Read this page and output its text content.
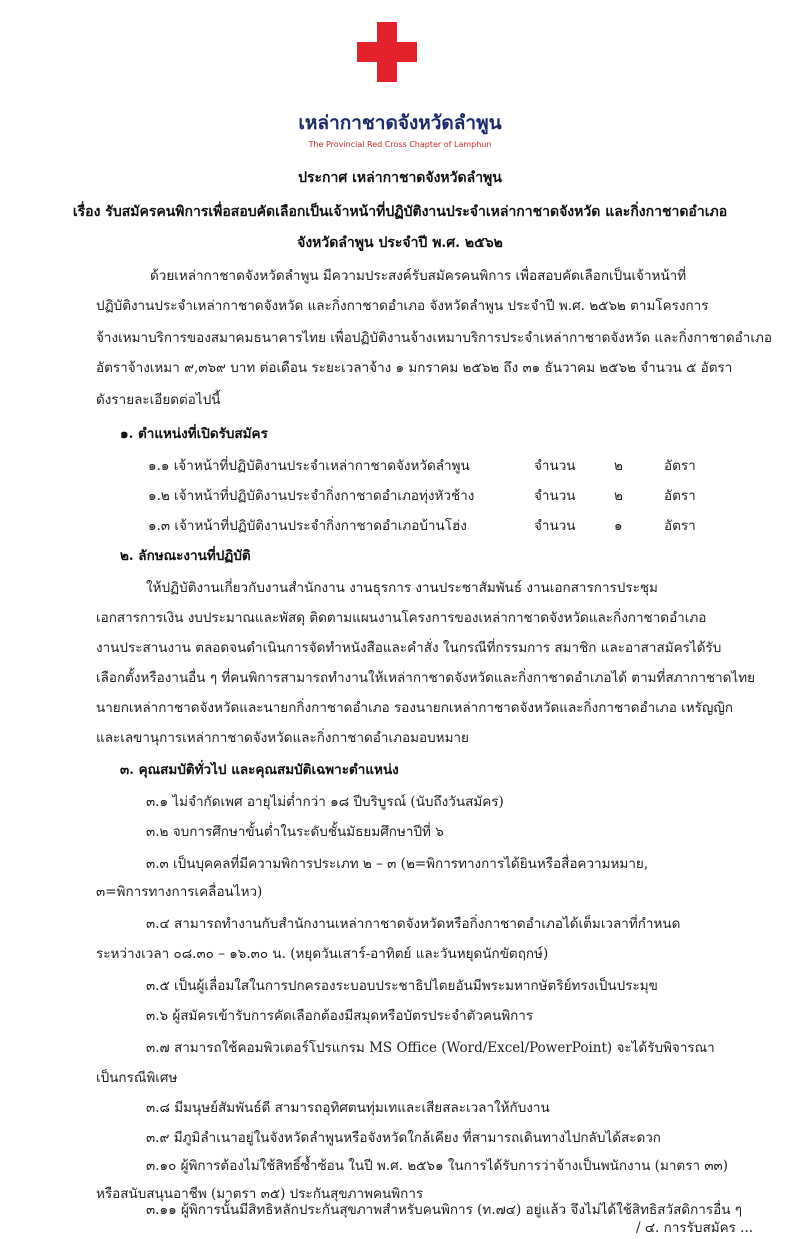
เหล่ากาชาดจังหวัดลำพูน
The Provincial Red Cross Chapter of Lamphun
ประกาศ เหล่ากาชาดจังหวัดลำพูน
เรื่อง รับสมัครคนพิการเพื่อสอบคัดเลือกเป็นเจ้าหน้าที่ปฏิบัติงานประจำเหล่ากาชาดจังหวัด และกิ่งกาชาดอำเภอ
จังหวัดลำพูน ประจำปี พ.ศ. ๒๕๖๒
ด้วยเหล่ากาชาดจังหวัดลำพูน มีความประสงค์รับสมัครคนพิการ เพื่อสอบคัดเลือกเป็นเจ้าหน้าที่
ปฏิบัติงานประจำเหล่ากาชาดจังหวัด และกิ่งกาชาดอำเภอ จังหวัดลำพูน ประจำปี พ.ศ. ๒๕๖๒ ตามโครงการ
จ้างเหมาบริการของสมาคมธนาคารไทย เพื่อปฏิบัติงานจ้างเหมาบริการประจำเหล่ากาชาดจังหวัด และกิ่งกาชาดอำเภอ
อัตราจ้างเหมา ๙,๓๖๙ บาท ต่อเดือน ระยะเวลาจ้าง ๑ มกราคม ๒๕๖๒ ถึง ๓๑ ธันวาคม ๒๕๖๒ จำนวน ๕ อัตรา
ดังรายละเอียดต่อไปนี้
๑. ตำแหน่งที่เปิดรับสมัคร
๑.๑ เจ้าหน้าที่ปฏิบัติงานประจำเหล่ากาชาดจังหวัดลำพูน	จำนวน	๒	อัตรา
๑.๒ เจ้าหน้าที่ปฏิบัติงานประจำกิ่งกาชาดอำเภอทุ่งหัวช้าง	จำนวน	๒	อัตรา
๑.๓ เจ้าหน้าที่ปฏิบัติงานประจำกิ่งกาชาดอำเภอบ้านโฮ่ง	จำนวน	๑	อัตรา
๒. ลักษณะงานที่ปฏิบัติ
ให้ปฏิบัติงานเกี่ยวกับงานสำนักงาน งานธุรการ งานประชาสัมพันธ์ งานเอกสารการประชุม
เอกสารการเงิน งบประมาณและพัสดุ ติดตามแผนงานโครงการของเหล่ากาชาดจังหวัดและกิ่งกาชาดอำเภอ
งานประสานงาน ตลอดจนดำเนินการจัดทำหนังสือและคำสั่ง ในกรณีที่กรรมการ สมาชิก และอาสาสมัครได้รับ
เลือกตั้งหรืองานอื่น ๆ ที่คนพิการสามารถทำงานให้เหล่ากาชาดจังหวัดและกิ่งกาชาดอำเภอได้ ตามที่สภากาชาดไทย
นายกเหล่ากาชาดจังหวัดและนายกกิ่งกาชาดอำเภอ รองนายกเหล่ากาชาดจังหวัดและกิ่งกาชาดอำเภอ เหรัญญิก
และเลขานุการเหล่ากาชาดจังหวัดและกิ่งกาชาดอำเภอมอบหมาย
๓. คุณสมบัติทั่วไป และคุณสมบัติเฉพาะตำแหน่ง
๓.๑ ไม่จำกัดเพศ อายุไม่ต่ำกว่า ๑๘ ปีบริบูรณ์ (นับถึงวันสมัคร)
๓.๒ จบการศึกษาขั้นต่ำในระดับชั้นมัธยมศึกษาปีที่ ๖
๓.๓ เป็นบุคคลที่มีความพิการประเภท ๒ – ๓ (๒=พิการทางการได้ยินหรือสื่อความหมาย,
๓=พิการทางการเคลื่อนไหว)
๓.๔ สามารถทำงานกับสำนักงานเหล่ากาชาดจังหวัดหรือกิ่งกาชาดอำเภอได้เต็มเวลาที่กำหนด
ระหว่างเวลา ๐๘.๓๐ – ๑๖.๓๐ น. (หยุดวันเสาร์-อาทิตย์ และวันหยุดนักขัตฤกษ์)
๓.๕ เป็นผู้เลื่อมใสในการปกครองระบอบประชาธิปไตยอันมีพระมหากษัตริย์ทรงเป็นประมุข
๓.๖ ผู้สมัครเข้ารับการคัดเลือกต้องมีสมุดหรือบัตรประจำตัวคนพิการ
๓.๗ สามารถใช้คอมพิวเตอร์โปรแกรม MS Office (Word/Excel/PowerPoint) จะได้รับพิจารณา
เป็นกรณีพิเศษ
๓.๘ มีมนุษย์สัมพันธ์ดี สามารถอุทิศตนทุ่มเทและเสียสละเวลาให้กับงาน
๓.๙ มีภูมิลำเนาอยู่ในจังหวัดลำพูนหรือจังหวัดใกล้เคียง ที่สามารถเดินทางไปกลับได้สะดวก
๓.๑๐ ผู้พิการต้องไม่ใช้สิทธิ์ซ้ำซ้อน ในปี พ.ศ. ๒๕๖๑ ในการได้รับการว่าจ้างเป็นพนักงาน (มาตรา ๓๓)
หรือสนับสนุนอาชีพ (มาตรา ๓๕) ประกันสุขภาพคนพิการ
๓.๑๑ ผู้พิการนั้นมีสิทธิหลักประกันสุขภาพสำหรับคนพิการ (ท.๗๔) อยู่แล้ว จึงไม่ได้ใช้สิทธิสวัสดิการอื่น ๆ
/ ๔. การรับสมัคร ...
